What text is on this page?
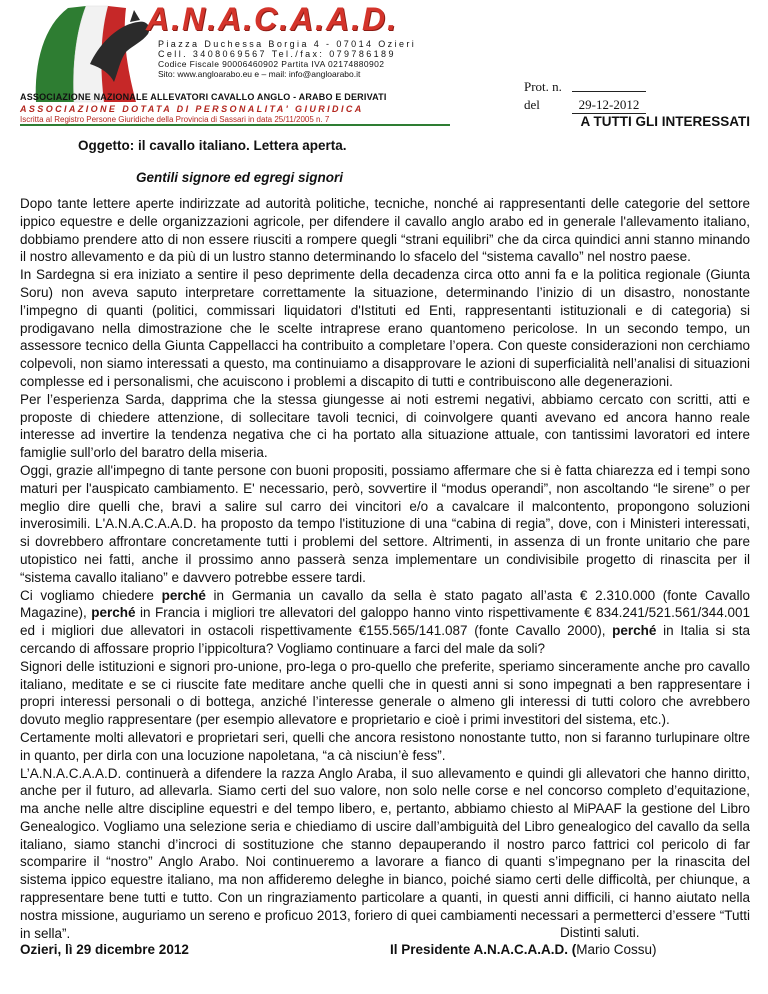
A.N.A.C.A.A.D.
Piazza Duchessa Borgia 4 - 07014 Ozieri
Cell. 3408069567 Tel./fax: 079786189
Codice Fiscale 90006460902 Partita IVA 02174880902
Sito: www.angloarabo.eu e – mail: info@angloarabo.it
ASSOCIAZIONE NAZIONALE ALLEVATORI CAVALLO ANGLO - ARABO E DERIVATI
ASSOCIAZIONE DOTATA DI PERSONALITA' GIURIDICA
Iscritta al Registro Persone Giuridiche della Provincia di Sassari in data 25/11/2005 n. 7
Prot. n.
del	29-12-2012
A TUTTI GLI INTERESSATI
Oggetto: il cavallo italiano. Lettera aperta.
Gentili signore ed egregi signori

Dopo tante lettere aperte indirizzate ad autorità politiche, tecniche, nonché ai rappresentanti delle categorie del settore ippico equestre e delle organizzazioni agricole, per difendere il cavallo anglo arabo ed in generale l'allevamento italiano, dobbiamo prendere atto di non essere riusciti a rompere quegli “strani equilibri” che da circa quindici anni stanno minando il nostro allevamento e da più di un lustro stanno determinando lo sfacelo del “sistema cavallo” nel nostro paese.

In Sardegna si era iniziato a sentire il peso deprimente della decadenza circa otto anni fa e la politica regionale (Giunta Soru) non aveva saputo interpretare correttamente la situazione, determinando l’inizio di un disastro, nonostante l’impegno di quanti (politici, commissari liquidatori d'Istituti ed Enti, rappresentanti istituzionali e di categoria) si prodigavano nella dimostrazione che le scelte intraprese erano quantomeno pericolose. In un secondo tempo, un assessore tecnico della Giunta Cappellacci ha contribuito a completare l’opera. Con queste considerazioni non cerchiamo colpevoli, non siamo interessati a questo, ma continuiamo a disapprovare le azioni di superficialità nell’analisi di situazioni complesse ed i personalismi, che acuiscono i problemi a discapito di tutti e contribuiscono alle degenerazioni.

Per l’esperienza Sarda, dapprima che la stessa giungesse ai noti estremi negativi, abbiamo cercato con scritti, atti e proposte di chiedere attenzione, di sollecitare tavoli tecnici, di coinvolgere quanti avevano ed ancora hanno reale interesse ad invertire la tendenza negativa che ci ha portato alla situazione attuale, con tantissimi lavoratori ed intere famiglie sull’orlo del baratro della miseria.

Oggi, grazie all'impegno di tante persone con buoni propositi, possiamo affermare che si è fatta chiarezza ed i tempi sono maturi per l'auspicato cambiamento. E' necessario, però, sovvertire il “modus operandi”, non ascoltando “le sirene” o per meglio dire quelli che, bravi a salire sul carro dei vincitori e/o a cavalcare il malcontento, propongono soluzioni inverosimili. L'A.N.A.C.A.A.D. ha proposto da tempo l'istituzione di una “cabina di regia”, dove, con i Ministeri interessati, si dovrebbero affrontare concretamente tutti i problemi del settore. Altrimenti, in assenza di un fronte unitario che pare utopistico nei fatti, anche il prossimo anno passerà senza implementare un condivisibile progetto di rinascita per il “sistema cavallo italiano” e davvero potrebbe essere tardi.

Ci vogliamo chiedere perché in Germania un cavallo da sella è stato pagato all’asta € 2.310.000 (fonte Cavallo Magazine), perché in Francia i migliori tre allevatori del galoppo hanno vinto rispettivamente € 834.241/521.561/344.001 ed i migliori due allevatori in ostacoli rispettivamente €155.565/141.087 (fonte Cavallo 2000), perché in Italia si sta cercando di affossare proprio l’ippicoltura? Vogliamo continuare a farci del male da soli?

Signori delle istituzioni e signori pro-unione, pro-lega o pro-quello che preferite, speriamo sinceramente anche pro cavallo italiano, meditate e se ci riuscite fate meditare anche quelli che in questi anni si sono impegnati a ben rappresentare i propri interessi personali o di bottega, anziché l’interesse generale o almeno gli interessi di tutti coloro che avrebbero dovuto meglio rappresentare (per esempio allevatore e proprietario e cioè i primi investitori del sistema, etc.).

Certamente molti allevatori e proprietari seri, quelli che ancora resistono nonostante tutto, non si faranno turlupinare oltre in quanto, per dirla con una locuzione napoletana, “a cà nisciun’è fess”.

L’A.N.A.C.A.A.D. continuerà a difendere la razza Anglo Araba, il suo allevamento e quindi gli allevatori che hanno diritto, anche per il futuro, ad allevarla. Siamo certi del suo valore, non solo nelle corse e nel concorso completo d’equitazione, ma anche nelle altre discipline equestri e del tempo libero, e, pertanto, abbiamo chiesto al MiPAAF la gestione del Libro Genealogico. Vogliamo una selezione seria e chiediamo di uscire dall’ambiguità del Libro genealogico del cavallo da sella italiano, siamo stanchi d’incroci di sostituzione che stanno depauperando il nostro parco fattrici col pericolo di far scomparire il “nostro” Anglo Arabo. Noi continueremo a lavorare a fianco di quanti s’impegnano per la rinascita del sistema ippico equestre italiano, ma non affideremo deleghe in bianco, poiché siamo certi delle difficoltà, per chiunque, a rappresentare bene tutti e tutto. Con un ringraziamento particolare a quanti, in questi anni difficili, ci hanno aiutato nella nostra missione, auguriamo un sereno e proficuo 2013, foriero di quei cambiamenti necessari a permetterci d’essere “Tutti in sella”.	Distinti saluti.
Ozieri, lì 29 dicembre 2012	Il Presidente A.N.A.C.A.A.D. (Mario Cossu)
